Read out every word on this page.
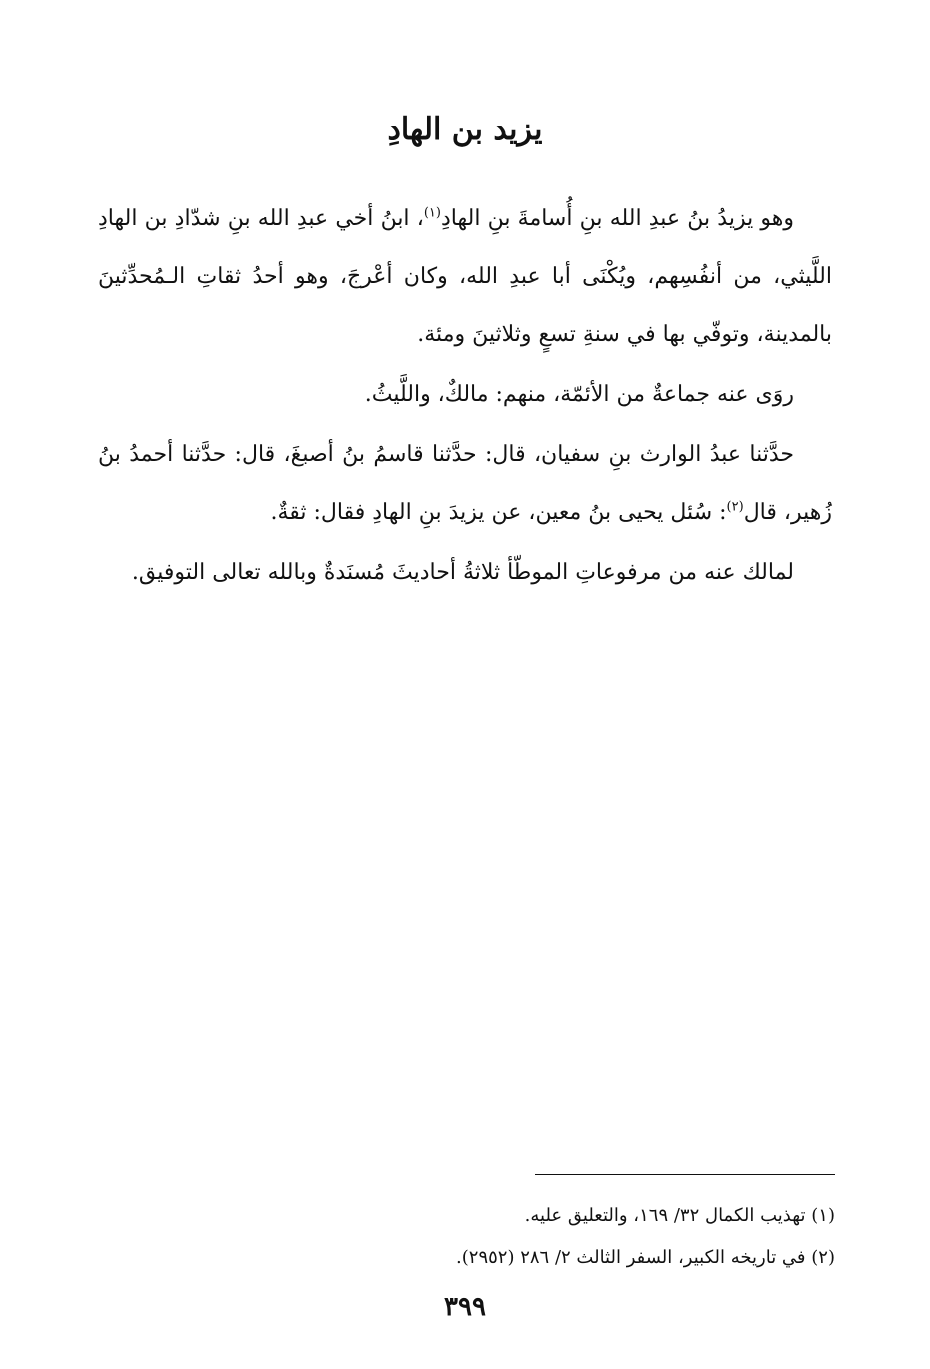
يزيد بن الهادِ

وهو يزيدُ بنُ عبدِ الله بنِ أُسامةَ بنِ الهادِ$^{(١)}$، ابنُ أخي عبدِ الله بنِ شدّادِ بن الهادِ اللَّيثي، من أنفُسِهم، ويُكْنَى أبا عبدِ الله، وكان أعْرجَ، وهو أحدُ ثقاتِ الـمُحدِّثينَ بالمدينة، وتوفّي بها في سنةِ تسعٍ وثلاثينَ ومئة.

روَى عنه جماعةٌ من الأئمّة، منهم: مالكٌ، واللَّيثُ.

حدَّثنا عبدُ الوارث بنِ سفيان، قال: حدَّثنا قاسمُ بنُ أصبغَ، قال: حدَّثنا أحمدُ بنُ زُهير، قال$^{(٢)}$: سُئل يحيى بنُ معين، عن يزيدَ بنِ الهادِ فقال: ثقةٌ.

لمالك عنه من مرفوعاتِ الموطّأ ثلاثةُ أحاديثَ مُسنَدةٌ وبالله تعالى التوفيق.

(١) تهذيب الكمال ٣٢/ ١٦٩، والتعليق عليه.

(٢) في تاريخه الكبير، السفر الثالث ٢/ ٢٨٦ (٢٩٥٢).

٣٩٩
